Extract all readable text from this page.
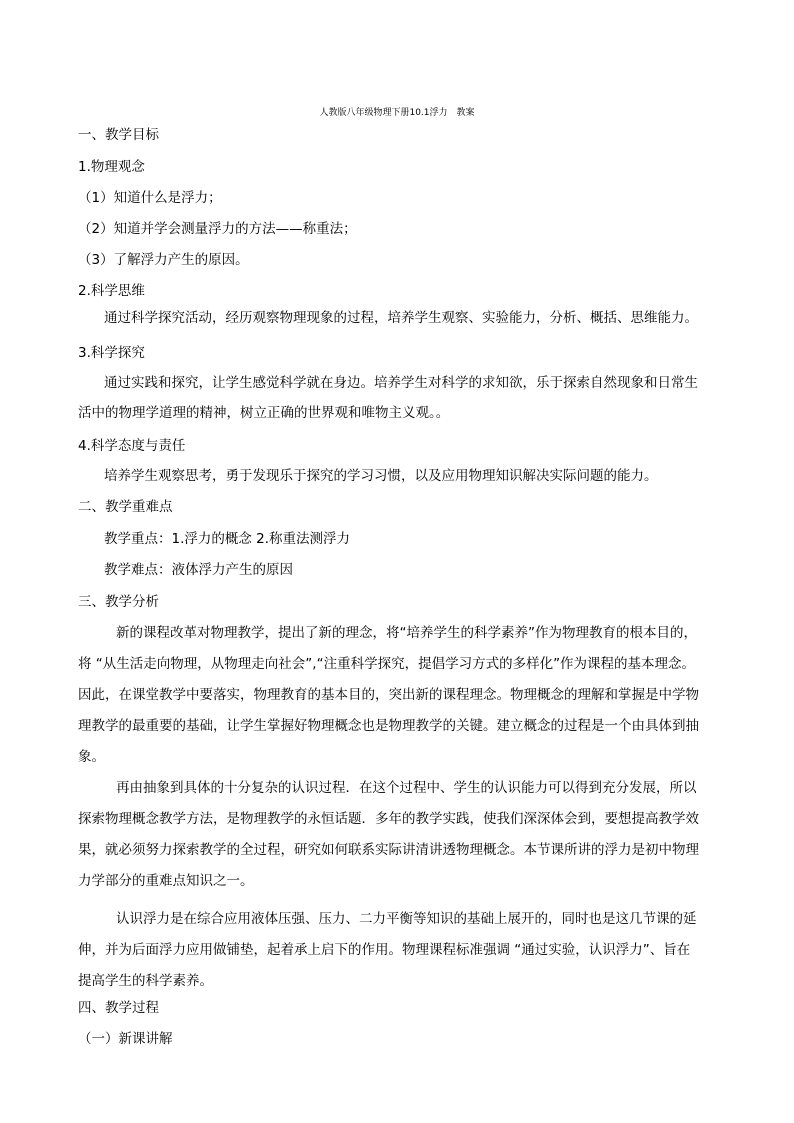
人教版八年级物理下册10.1浮力　教案
一、教学目标
1.物理观念
（1）知道什么是浮力；
（2）知道并学会测量浮力的方法——称重法；
（3）了解浮力产生的原因。
2.科学思维
通过科学探究活动，经历观察物理现象的过程，培养学生观察、实验能力，分析、概括、思维能力。
3.科学探究
通过实践和探究，让学生感觉科学就在身边。培养学生对科学的求知欲，乐于探索自然现象和日常生
活中的物理学道理的精神，树立正确的世界观和唯物主义观。。
4.科学态度与责任
培养学生观察思考，勇于发现乐于探究的学习习惯，以及应用物理知识解决实际问题的能力。
二、教学重难点
教学重点：1.浮力的概念 2.称重法测浮力
教学难点：液体浮力产生的原因
三、教学分析
新的课程改革对物理教学，提出了新的理念，将“培养学生的科学素养”作为物理教育的根本目的，
将 “从生活走向物理，从物理走向社会”,“注重科学探究，提倡学习方式的多样化”作为课程的基本理念。
因此，在课堂教学中要落实，物理教育的基本目的，突出新的课程理念。物理概念的理解和掌握是中学物
理教学的最重要的基础，让学生掌握好物理概念也是物理教学的关键。建立概念的过程是一个由具体到抽
象。
再由抽象到具体的十分复杂的认识过程．在这个过程中、学生的认识能力可以得到充分发展，所以
探索物理概念教学方法，是物理教学的永恒话题．多年的教学实践，使我们深深体会到，要想提高教学效
果，就必须努力探索教学的全过程，研究如何联系实际讲清讲透物理概念。本节课所讲的浮力是初中物理
力学部分的重难点知识之一。
认识浮力是在综合应用液体压强、压力、二力平衡等知识的基础上展开的，同时也是这几节课的延
伸，并为后面浮力应用做铺垫，起着承上启下的作用。物理课程标准强调 “通过实验，认识浮力”、旨在
提高学生的科学素养。
四、教学过程
（一）新课讲解
